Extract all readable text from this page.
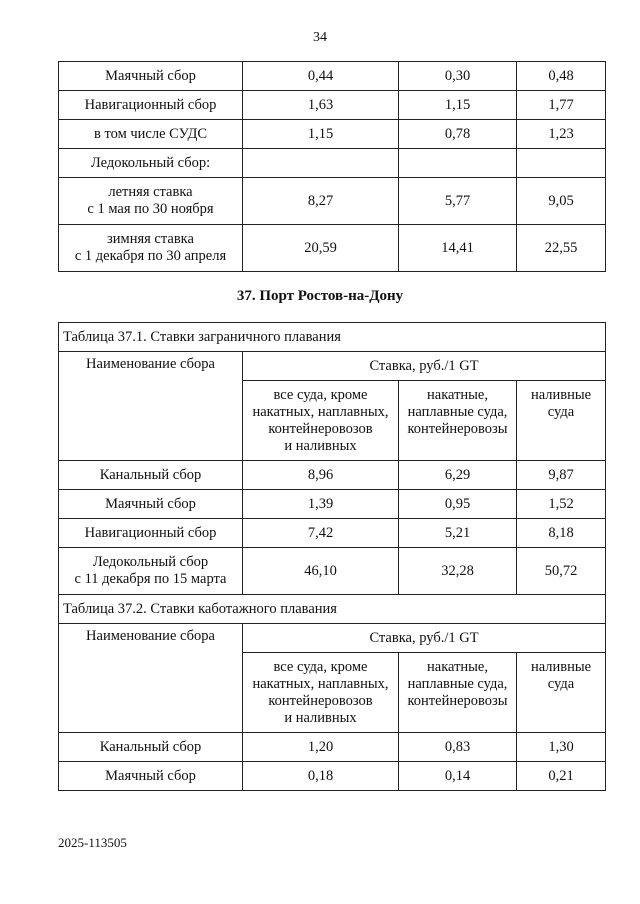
34
Маячный сбор	0,44	0,30	0,48
Навигационный сбор	1,63	1,15	1,77
в том числе СУДС	1,15	0,78	1,23
Ледокольный сбор:			
летняя ставка
с 1 мая по 30 ноября	8,27	5,77	9,05
зимняя ставка
с 1 декабря по 30 апреля	20,59	14,41	22,55
37. Порт Ростов-на-Дону
Таблица 37.1. Ставки заграничного плавания			
Наименование сбора	Ставка, руб./1 GT		
	все суда, кроме
накатных, наплавных,
контейнеровозов
и наливных	накатные,
наплавные суда,
контейнеровозы	наливные
суда
Канальный сбор	8,96	6,29	9,87
Маячный сбор	1,39	0,95	1,52
Навигационный сбор	7,42	5,21	8,18
Ледокольный сбор
с 11 декабря по 15 марта	46,10	32,28	50,72
Таблица 37.2. Ставки каботажного плавания			
Наименование сбора	Ставка, руб./1 GT		
	все суда, кроме
накатных, наплавных,
контейнеровозов
и наливных	накатные,
наплавные суда,
контейнеровозы	наливные
суда
Канальный сбор	1,20	0,83	1,30
Маячный сбор	0,18	0,14	0,21
2025-113505
